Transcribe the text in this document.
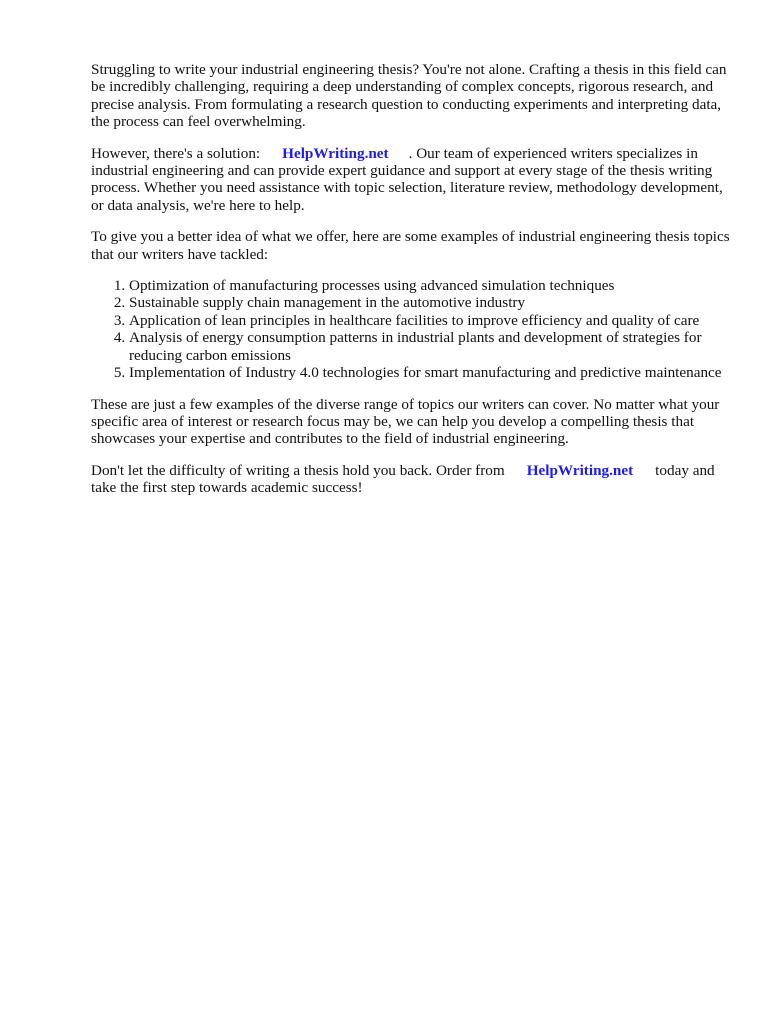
Struggling to write your industrial engineering thesis? You're not alone. Crafting a thesis in this field can be incredibly challenging, requiring a deep understanding of complex concepts, rigorous research, and precise analysis. From formulating a research question to conducting experiments and interpreting data, the process can feel overwhelming.

However, there's a solution: HelpWriting.net . Our team of experienced writers specializes in industrial engineering and can provide expert guidance and support at every stage of the thesis writing process. Whether you need assistance with topic selection, literature review, methodology development, or data analysis, we're here to help.

To give you a better idea of what we offer, here are some examples of industrial engineering thesis topics that our writers have tackled:

1. Optimization of manufacturing processes using advanced simulation techniques
2. Sustainable supply chain management in the automotive industry
3. Application of lean principles in healthcare facilities to improve efficiency and quality of care
4. Analysis of energy consumption patterns in industrial plants and development of strategies for reducing carbon emissions
5. Implementation of Industry 4.0 technologies for smart manufacturing and predictive maintenance

These are just a few examples of the diverse range of topics our writers can cover. No matter what your specific area of interest or research focus may be, we can help you develop a compelling thesis that showcases your expertise and contributes to the field of industrial engineering.

Don't let the difficulty of writing a thesis hold you back. Order from HelpWriting.net today and take the first step towards academic success!
